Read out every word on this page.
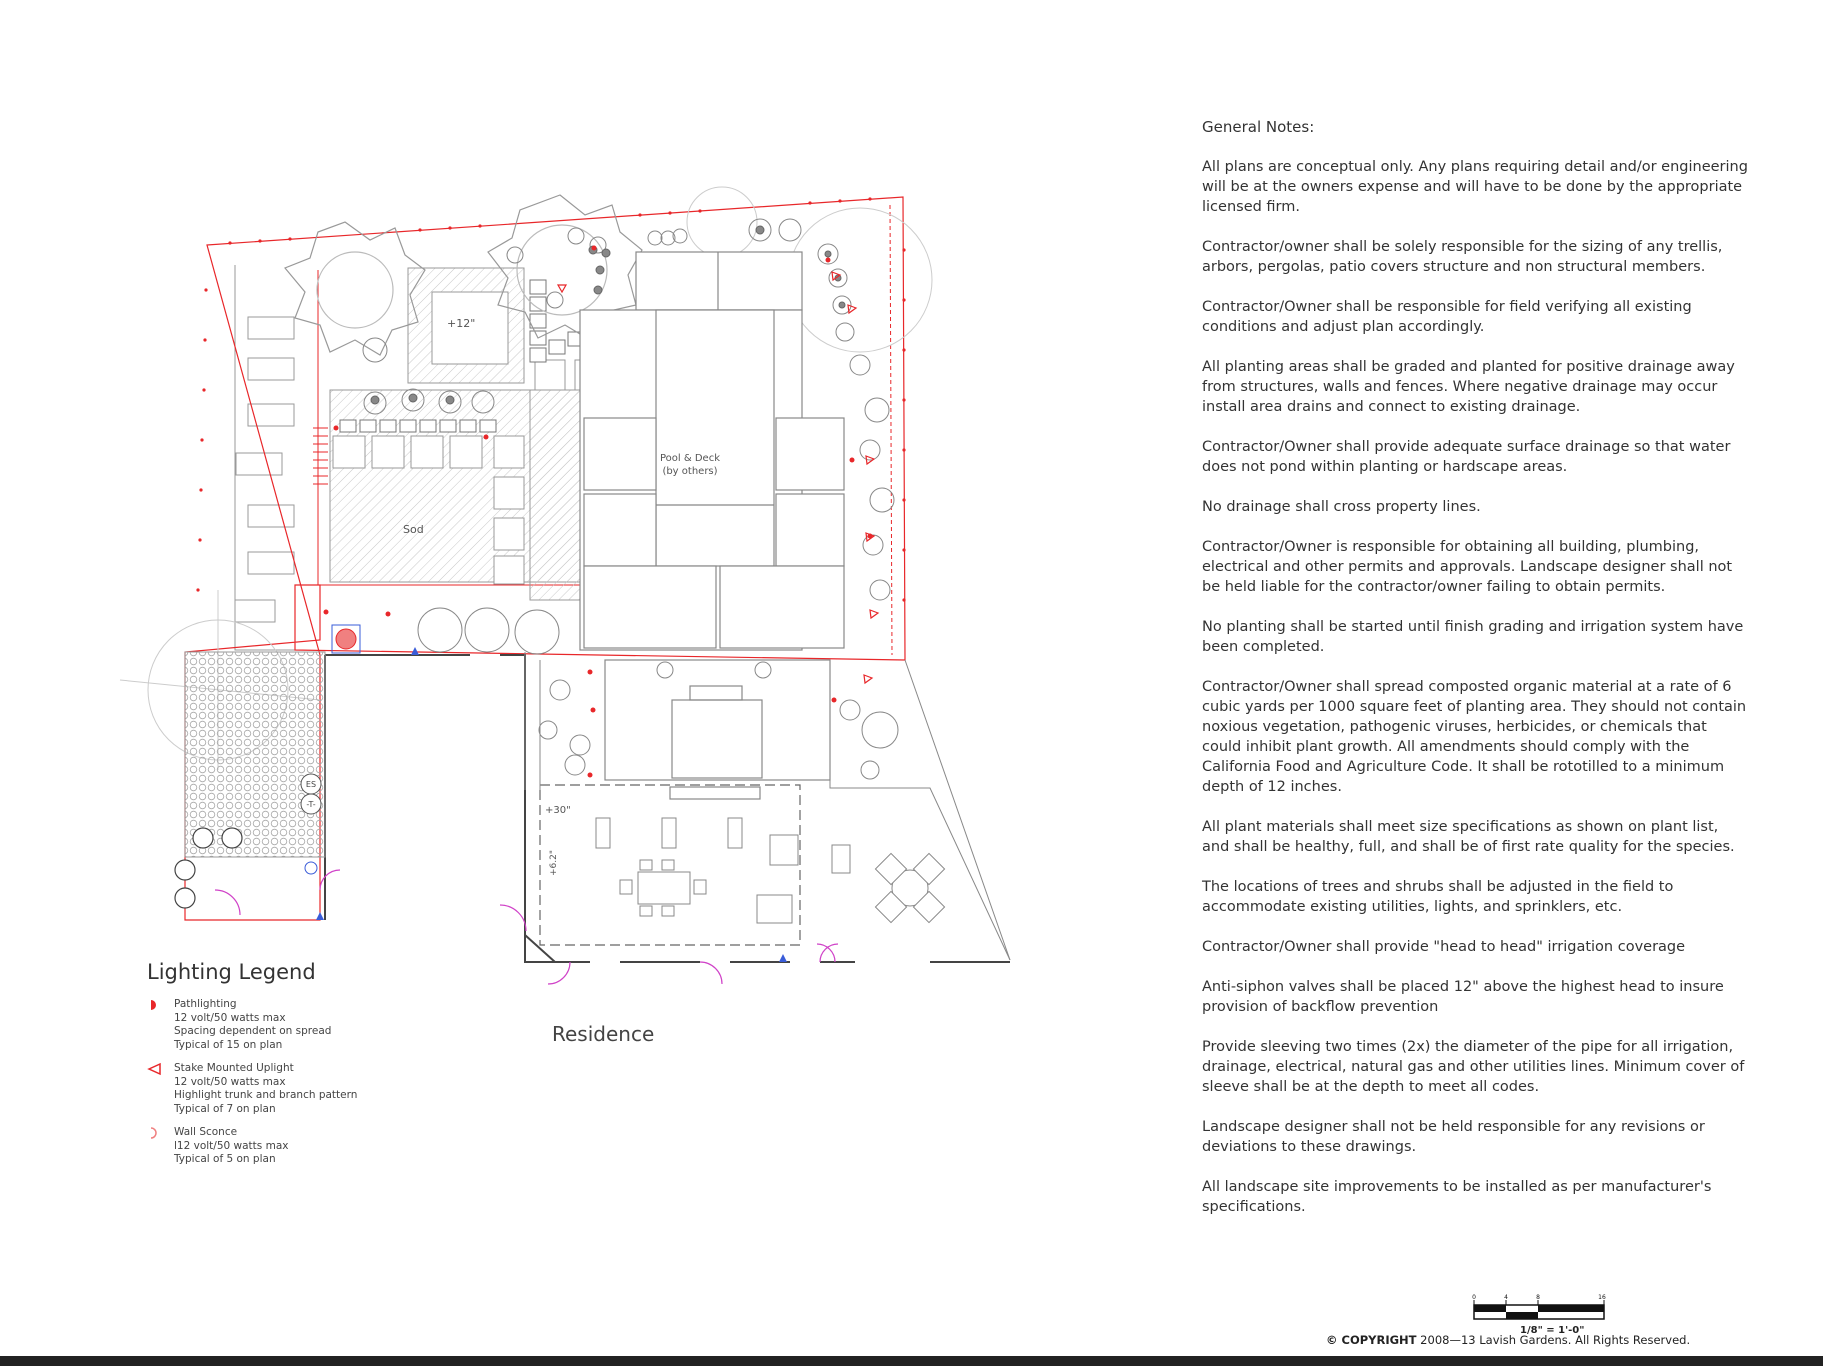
ES
-T-
+12"
Sod
Pool & Deck
(by others)
+30"
+6.2"
Residence
Lighting Legend
Pathlighting
12 volt/50 watts max
Spacing dependent on spread
Typical of 15 on plan
Stake Mounted Uplight
12 volt/50 watts max
Highlight trunk and branch pattern
Typical of 7 on plan
Wall Sconce
l12 volt/50 watts max
Typical of 5 on plan
General Notes:
All plans are conceptual only. Any plans requiring detail and/or engineering will be at the owners expense and will have to be done by the appropriate licensed firm.
Contractor/owner shall be solely responsible for the sizing of any trellis, arbors, pergolas, patio covers structure and non structural members.
Contractor/Owner shall be responsible for field verifying all existing conditions and adjust plan accordingly.
All planting areas shall be graded and planted for positive drainage away from structures, walls and fences. Where negative drainage may occur install area drains and connect to existing drainage.
Contractor/Owner shall provide adequate surface drainage so that water does not pond within planting or hardscape areas.
No drainage shall cross property lines.
Contractor/Owner is responsible for obtaining all building, plumbing, electrical and other permits and approvals. Landscape designer shall not be held liable for the contractor/owner failing to obtain permits.
No planting shall be started until finish grading and irrigation system have been completed.
Contractor/Owner shall spread composted organic material at a rate of 6 cubic yards per 1000 square feet of planting area. They should not contain noxious vegetation, pathogenic viruses, herbicides, or chemicals that could inhibit plant growth. All amendments should comply with the California Food and Agriculture Code. It shall be rototilled to a minimum depth of 12 inches.
All plant materials shall meet size specifications as shown on plant list, and shall be healthy, full, and shall be of first rate quality for the species.
The locations of trees and shrubs shall be adjusted in the field to accommodate existing utilities, lights, and sprinklers, etc.
Contractor/Owner shall provide "head to head" irrigation coverage
Anti-siphon valves shall be placed 12" above the highest head to insure provision of backflow prevention
Provide sleeving two times (2x) the diameter of the pipe for all irrigation, drainage, electrical, natural gas and other utilities lines. Minimum cover of sleeve shall be at the depth to meet all codes.
Landscape designer shall not be held responsible for any revisions or deviations to these drawings.
All landscape site improvements to be installed as per manufacturer's specifications.
0	4	8	16
1/8" = 1'-0"
© COPYRIGHT 2008—13 Lavish Gardens. All Rights Reserved.
